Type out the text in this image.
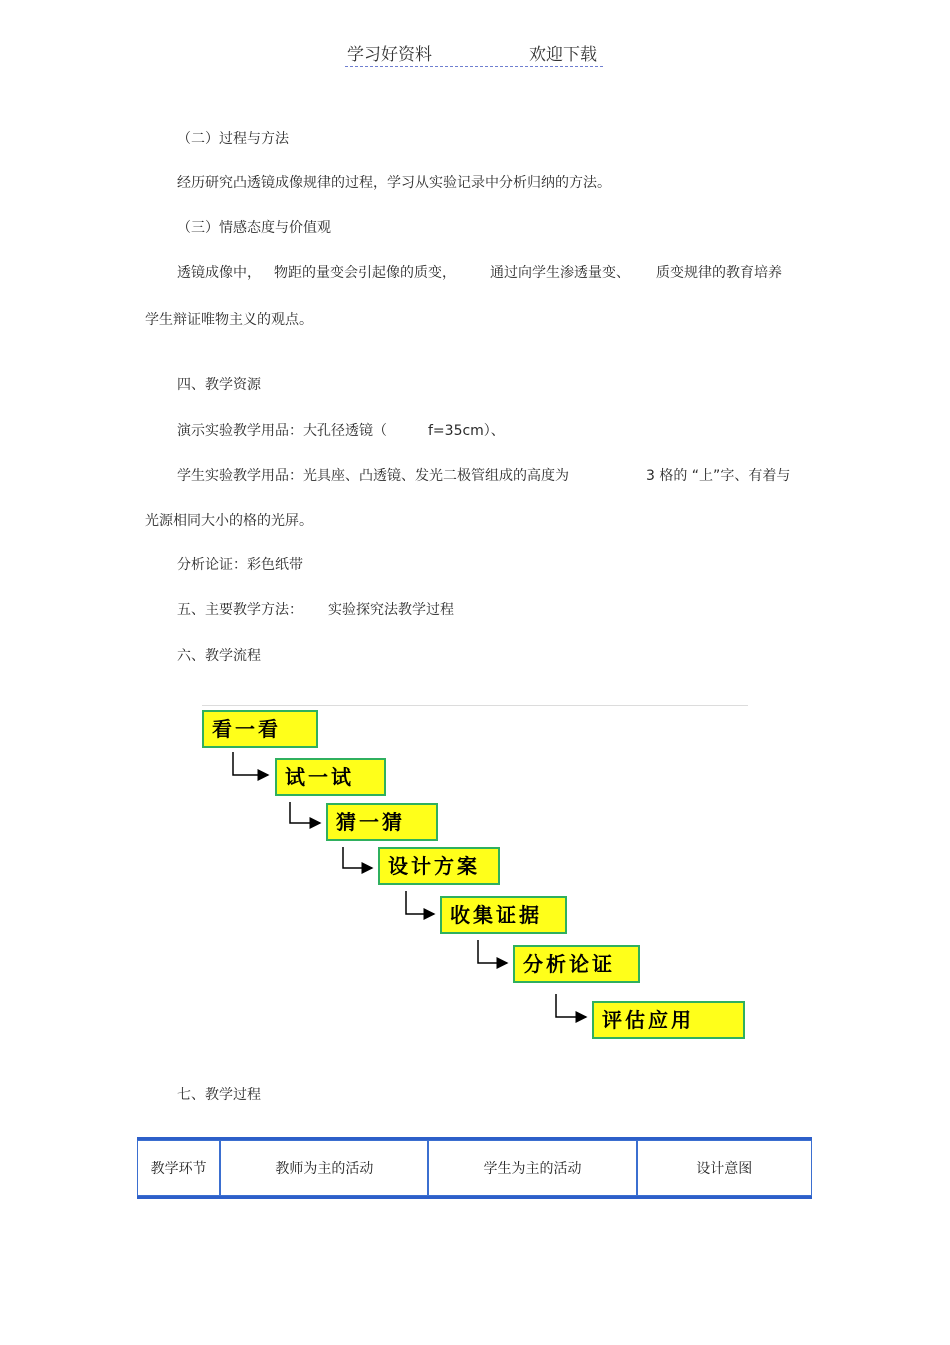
学习好资料	欢迎下载
（二）过程与方法
经历研究凸透镜成像规律的过程，学习从实验记录中分析归纳的方法。
（三）情感态度与价值观
透镜成像中， 物距的量变会引起像的质变， 通过向学生渗透量变、 质变规律的教育培养
学生辩证唯物主义的观点。
四、教学资源
演示实验教学用品：大孔径透镜（	f=35cm）、
学生实验教学用品：光具座、凸透镜、发光二极管组成的高度为	3 格的 “上”字、有着与
光源相同大小的格的光屏。
分析论证：彩色纸带
五、主要教学方法： 实验探究法教学过程
六、教学流程
看一看
试一试
猜一猜
设计方案
收集证据
分析论证
评估应用
七、教学过程
教学环节	教师为主的活动	学生为主的活动	设计意图
